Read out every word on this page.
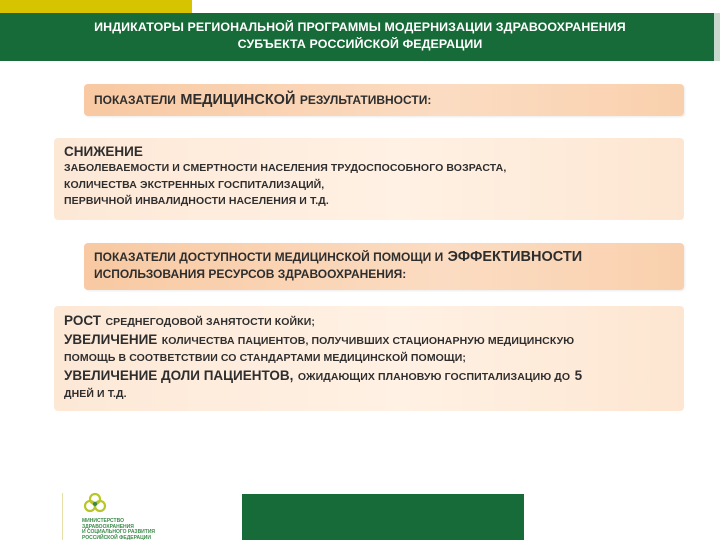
ИНДИКАТОРЫ РЕГИОНАЛЬНОЙ ПРОГРАММЫ МОДЕРНИЗАЦИИ ЗДРАВООХРАНЕНИЯ
СУБЪЕКТА РОССИЙСКОЙ ФЕДЕРАЦИИ
ПОКАЗАТЕЛИ МЕДИЦИНСКОЙ РЕЗУЛЬТАТИВНОСТИ:
СНИЖЕНИЕ
ЗАБОЛЕВАЕМОСТИ И СМЕРТНОСТИ НАСЕЛЕНИЯ ТРУДОСПОСОБНОГО ВОЗРАСТА,
КОЛИЧЕСТВА ЭКСТРЕННЫХ ГОСПИТАЛИЗАЦИЙ,
ПЕРВИЧНОЙ ИНВАЛИДНОСТИ НАСЕЛЕНИЯ И Т.Д.
ПОКАЗАТЕЛИ ДОСТУПНОСТИ МЕДИЦИНСКОЙ ПОМОЩИ И ЭФФЕКТИВНОСТИ
ИСПОЛЬЗОВАНИЯ РЕСУРСОВ ЗДРАВООХРАНЕНИЯ:
РОСТ СРЕДНЕГОДОВОЙ ЗАНЯТОСТИ КОЙКИ;
УВЕЛИЧЕНИЕ КОЛИЧЕСТВА ПАЦИЕНТОВ, ПОЛУЧИВШИХ СТАЦИОНАРНУЮ МЕДИЦИНСКУЮ
ПОМОЩЬ В СООТВЕТСТВИИ СО СТАНДАРТАМИ МЕДИЦИНСКОЙ ПОМОЩИ;
УВЕЛИЧЕНИЕ ДОЛИ ПАЦИЕНТОВ, ОЖИДАЮЩИХ ПЛАНОВУЮ ГОСПИТАЛИЗАЦИЮ ДО 5
ДНЕЙ И Т.Д.
МИНИСТЕРСТВО
ЗДРАВООХРАНЕНИЯ
И СОЦИАЛЬНОГО РАЗВИТИЯ
РОССИЙСКОЙ ФЕДЕРАЦИИ
